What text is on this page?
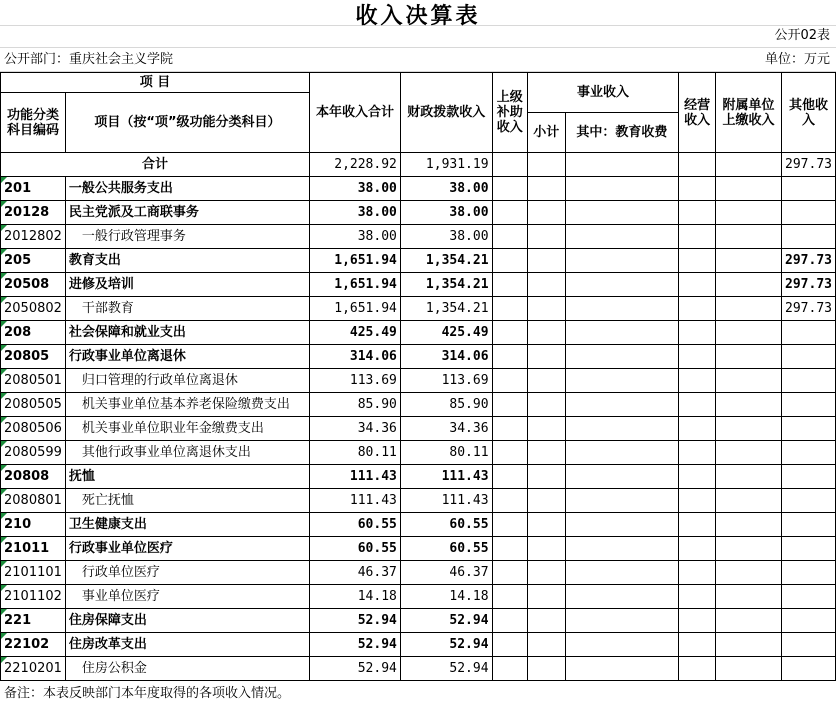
收入决算表
公开02表
公开部门：重庆社会主义学院	单位：万元
项 目		本年收入合计	财政拨款收入	上级补助收入	事业收入		经营收入	附属单位上缴收入	其他收入
功能分类科目编码	项目（按“项”级功能分类科目）								
					小计	其中：教育收费			
合计		2,228.92	1,931.19						297.73

201	一般公共服务支出	38.00	38.00						

20128	民主党派及工商联事务	38.00	38.00						

2012802	一般行政管理事务	38.00	38.00						

205	教育支出	1,651.94	1,354.21						297.73

20508	进修及培训	1,651.94	1,354.21						297.73

2050802	干部教育	1,651.94	1,354.21						297.73

208	社会保障和就业支出	425.49	425.49						

20805	行政事业单位离退休	314.06	314.06						

2080501	归口管理的行政单位离退休	113.69	113.69						

2080505	机关事业单位基本养老保险缴费支出	85.90	85.90						

2080506	机关事业单位职业年金缴费支出	34.36	34.36						

2080599	其他行政事业单位离退休支出	80.11	80.11						

20808	抚恤	111.43	111.43						

2080801	死亡抚恤	111.43	111.43						

210	卫生健康支出	60.55	60.55						

21011	行政事业单位医疗	60.55	60.55						

2101101	行政单位医疗	46.37	46.37						

2101102	事业单位医疗	14.18	14.18						

221	住房保障支出	52.94	52.94						

22102	住房改革支出	52.94	52.94						

2210201	住房公积金	52.94	52.94						
备注：本表反映部门本年度取得的各项收入情况。
